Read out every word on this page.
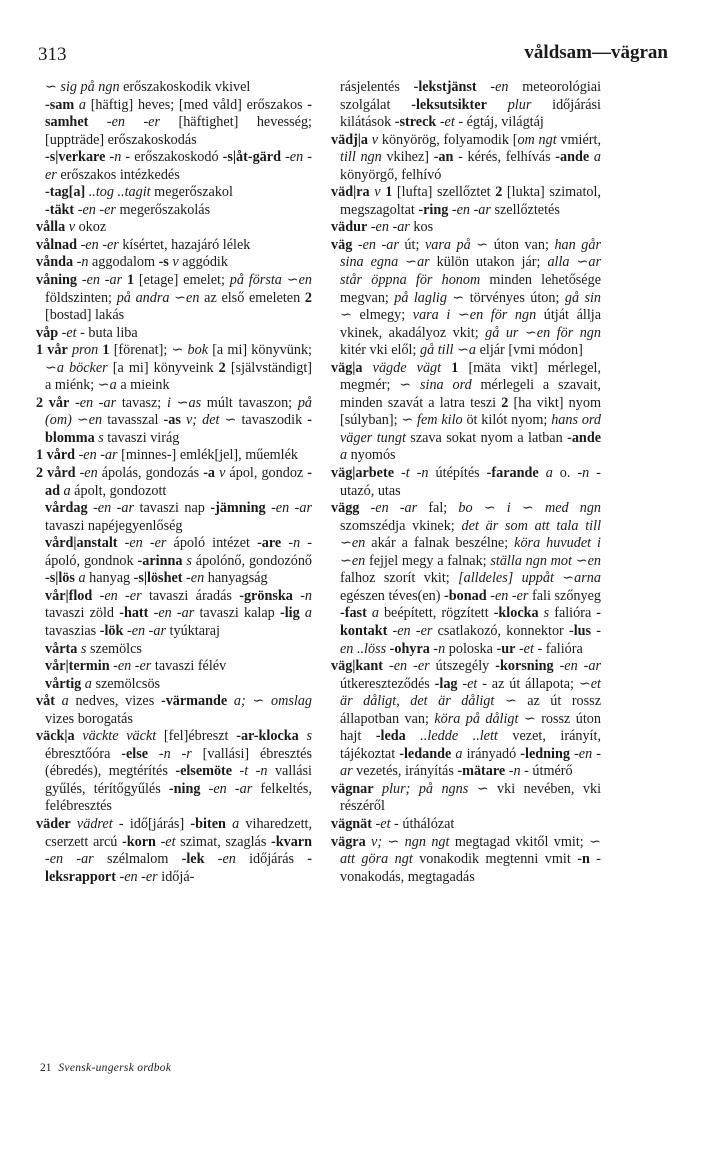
313	våldsam—vägran

∽ sig på ngn erőszakoskodik vkivel

-sam a [häftig] heves; [med våld] erőszakos -samhet -en -er [häftighet] hevesség; [uppträde] erőszakoskodás

-s|verkare -n - erőszakoskodó -s|åt-gärd -en -er erőszakos intézkedés

-tag[a] ..tog ..tagit megerőszakol

-täkt -en -er megerőszakolás

vålla v okoz

vålnad -en -er kísértet, hazajáró lélek

vånda -n aggodalom -s v aggódik

våning -en -ar 1 [etage] emelet; på första ∽en földszinten; på andra ∽en az első emeleten 2 [bostad] lakás

våp -et - buta liba

1 vår pron 1 [förenat]; ∽ bok [a mi] könyvünk; ∽a böcker [a mi] könyveink 2 [självständigt] a miénk; ∽a a mieink

2 vår -en -ar tavasz; i ∽as múlt tavaszon; på (om) ∽en tavasszal -as v; det ∽ tavaszodik -blomma s tavaszi virág

1 vård -en -ar [minnes-] emlék[jel], műemlék

2 vård -en ápolás, gondozás -a v ápol, gondoz -ad a ápolt, gondozott

vårdag -en -ar tavaszi nap -jämning -en -ar tavaszi napéjegyenlőség

vård|anstalt -en -er ápoló intézet -are -n - ápoló, gondnok -arinna s ápolónő, gondozónő -s|lös a hanyag -s|löshet -en hanyagság

vår|flod -en -er tavaszi áradás -grönska -n tavaszi zöld -hatt -en -ar tavaszi kalap -lig a tavaszias -lök -en -ar tyúktaraj

vårta s szemölcs

vår|termin -en -er tavaszi félév

vårtig a szemölcsös

våt a nedves, vizes -värmande a; ∽ omslag vizes borogatás

väck|a väckte väckt [fel]ébreszt -ar-klocka s ébresztőóra -else -n -r [vallási] ébresztés (ébredés), megtérítés -elsemöte -t -n vallási gyűlés, térítőgyűlés -ning -en -ar felkeltés, felébresztés

väder vädret - idő[járás] -biten a viharedzett, cserzett arcú -korn -et szimat, szaglás -kvarn -en -ar szélmalom -lek -en időjárás -leksrapport -en -er időjá-

rásjelentés -lekstjänst -en meteorológiai szolgálat -leksutsikter plur időjárási kilátások -streck -et - égtáj, világtáj

vädj|a v könyörög, folyamodik [om ngt vmiért, till ngn vkihez] -an - kérés, felhívás -ande a könyörgő, felhívó

väd|ra v 1 [lufta] szellőztet 2 [lukta] szimatol, megszagoltat -ring -en -ar szellőztetés

vädur -en -ar kos

väg -en -ar út; vara på ∽ úton van; han går sina egna ∽ar külön utakon jár; alla ∽ar står öppna för honom minden lehetősége megvan; på laglig ∽ törvényes úton; gå sin ∽ elmegy; vara i ∽en för ngn útját állja vkinek, akadályoz vkit; gå ur ∽en för ngn kitér vki elől; gå till ∽a eljár [vmi módon]

väg|a vägde vägt 1 [mäta vikt] mérlegel, megmér; ∽ sina ord mérlegeli a szavait, minden szavát a latra teszi 2 [ha vikt] nyom [súlyban]; ∽ fem kilo öt kilót nyom; hans ord väger tungt szava sokat nyom a latban -ande a nyomós

väg|arbete -t -n útépítés -farande a o. -n - utazó, utas

vägg -en -ar fal; bo ∽ i ∽ med ngn szomszédja vkinek; det är som att tala till ∽en akár a falnak beszélne; köra huvudet i ∽en fejjel megy a falnak; ställa ngn mot ∽en falhoz szorít vkit; [alldeles] uppåt ∽arna egészen téves(en) -bonad -en -er fali szőnyeg -fast a beépített, rögzített -klocka s falióra -kontakt -en -er csatlakozó, konnektor -lus -en ..löss -ohyra -n poloska -ur -et - falióra

väg|kant -en -er útszegély -korsning -en -ar útkereszteződés -lag -et - az út állapota; ∽et är dåligt, det är dåligt ∽ az út rossz állapotban van; köra på dåligt ∽ rossz úton hajt -leda ..ledde ..lett vezet, irányít, tájékoztat -ledande a irányadó -ledning -en -ar vezetés, irányítás -mätare -n - útmérő

vägnar plur; på ngns ∽ vki nevében, vki részéről

vägnät -et - úthálózat

vägra v; ∽ ngn ngt megtagad vkitől vmit; ∽ att göra ngt vonakodik megtenni vmit -n - vonakodás, megtagadás

21 Svensk-ungersk ordbok
